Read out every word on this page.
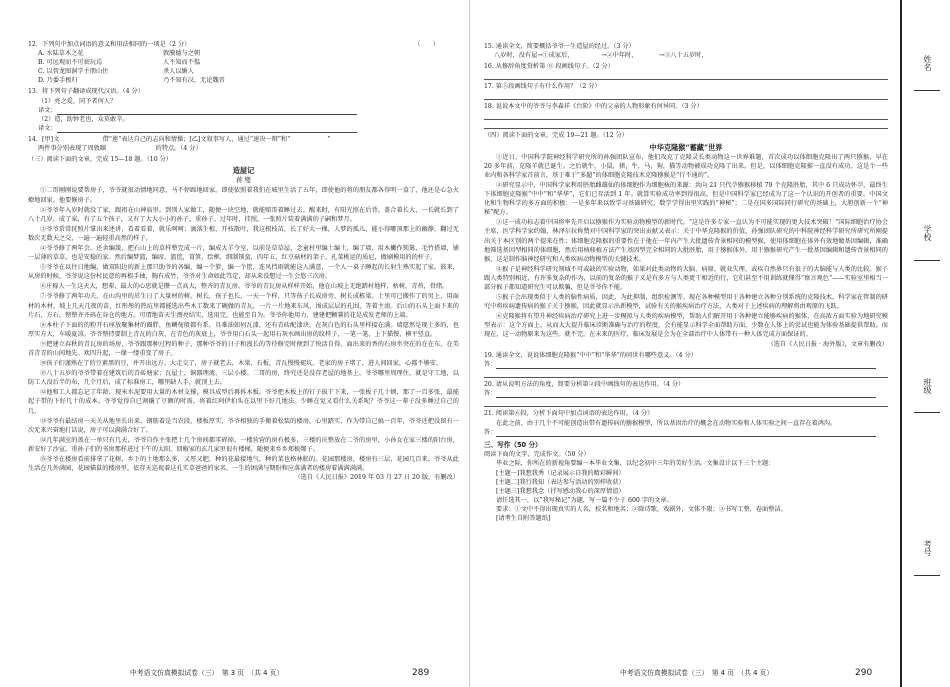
（　　）
12．下列句中加点词语的意义和用法相同的一项是（2 分）
A. 水陆草木之花	敦膜德与之朝
B. 可远观而不可亵玩焉	人不知而不愠
C. 以智龙图洞学主朋山住	杀人以媚人
D. 乃委手极归	乃不知有汉，无论魏晋
13．将下列句子翻译成现代汉语。（4 分）
（1）亮之爱，同予者何人？
译文：
（2）造，助钟老也，众莫敢辛。
译文：
14．[甲]文　　　　　　　借“莲”表达自己的志向和情操；[乙]文叙事写人，通过“速决一辩”和“　　　　　　”
两件事分别表现了周敦颐　　　　　　　　的特点。（4 分）
（三）阅读下面的文章，完成 15—18 题。（10 分）
造屋记
蒋 燮

①二哥刚刚说要帮房子，爷爷就很动情地同意，马不停蹄地回家。即使依照着我们在城里生活了五年，即使他的将的朋友都各得明一盒了，他还是心急火燎地回家。他要修房子。

②爷爷年入岁时就没了家，跟祖在山神庙里。到别人家做工，随便一块空地，就能赔哥着睡过去。醒来时，有阳光照在后背。盖合着长大，一长就长到了八十几岁。成了家，有了五个孩子，又有了大大小小的孙子、重孙子。过年时，挂照，一张照片装着满满的子嗣和梦月。

③爷爷常常抚照片掌出来述讲，看着看着，就乐呵呵；滴落生根，开枝散叶，我这根枝苗，长了好大一棵，人梦的孤儿，能小得哪顶那上的幽静，翻过无数次无数天之交，一遍一遍轻重高然的样子。

④爷爷修了两年会，还舍编篾，把石山上的草样整完成一片，编成大羊令室，以前是草草屋，念童村里编土编土，编了墙，用木撇作锁篱，毛竹搭墙，铺一层薄的草草，也是安稳的家。然后编梦篮，编席，篮筐，筲箕，绘框，细制锁蛮，四年五，红豆菇材的架子，孔菜桃运的质尼，做刷模用的的杆子。

⑤爷爷在以往日地编，做双阳边的新上那只助爷的各编，编一个箩，编一个筐，连风挡雨就能这人满意，一个人一桌子睡起的长射生熟实起了家。鼓来，从房的时候，爷爷说这份村民意的再根手抽，胸有成竹，爷爷对生命如此笃定，却从来没想过一生会悠三次房。

⑥庄稼人一生这天大，想辈，最大的心思就是攒一点高大，整齐的青瓦房。爷爷的青瓦房从样样开始，他在山坡上无绝踏村地样，枯树，青苔，骨绪。

⑦爷爷修了两年功夫，在山沟里的茁生日了大量材的树。树长，孩子也长，一天一个样，只等孩子长成房旁，树长成栋梁。土里可已搬作了的男上，用面材的木材，坡上几天几夜的苗，红彤彤的热坑里都能选出些木工数来了碗做的青瓦，一片一片地来东风，围成层层的孔围，等着主滚。后山的石头上面下来的片石，方石，整整齐齐码在谷仓的地方。可谓地苗天生漂亮结实，选用完，也能至自为。爷爷你他用力，建建把颗薯的花是成发老师的上端。

⑧本柱子下面的的粉开石座放聚集材的圈胖，鱼鳞甸般都有系，具难油如何瓦漆，还有青砖配漆块，在灰白色的石头里样接在满。墙愿然是现土多的，也厚实方大，车暖夏凉。爷爷整持要制上青瓦的白灰，在青色的灰底上，爷爷用白石头一起用石灰水画出房的纹样子，一笔一笔，上下描慢，横平竖直。

⑨把建立春秋的青瓦房的场房，爷爷跟那种过程的种子，那种爷爷的日子和漫长的等待修完时便到了快活自得。面出来的香的石房坐突在的在在东，在美首青青的山间地先。欢四升起，一缘一缕重变了房子。

⑩孩子们谨熟在了的豆素黑的豆，并开出远方。大走交了，房子就老去，木梁，石板，青瓦慢慢褪坑。老家的房子堵了，进人间回家，心都不够安。

⑪八十五岁的爷爷带着在建筑后的青砖塘家；瓦屋土，铜器理流，三层小楼。二哥的房，终究还是没存老屋的地基上。爷爷哪里周理住，就是守工地，以防工人没后半的布，几个月后，成了标准房工，哪里缺人手，就顶上去。

⑫他和工人都忘记了年龄，现米水泥要用大量的木材支撑，模具成型后再拆木板。爷爷把木板上的钉子拔干下来，一张板子几十顿，那了一百多张，最能起子带的下好几十的成本。爷爷觉得自已割撬了豆额的时需，将着红阿伊拍头在以里下好几地法。少睡在觉又看什么关系呢？爷爷这一辈子没多睡过自己的几，

⑬爷爷有最结房一天关从地里长出来，钢筋着是当农段，楼板厚实，爷爷相独的手搬着松装的楼房，心里踏实，作为带自己搞一百年，爷爷还把没留有一次无来兴奋地打话说，房子可以满满合好了。

⑭几年满室的盖在一单只有几天，爷爷自作主张把十几个房间都零碎掉。一楼营营的房有极多，三楼的庆整放在二爷的房里，小孙女在家三楼的阳台房，新安好了沙宣。重孙子们的书房那样进过下午的太阳。回椒家的玄几家里很有楼梯，随便来乡乡郑梳鄭子。

⑮爷爷在楼房看前排拿了花树，乡下的土地那么多，又厚又肥，种的花最接地气，种的菜也格林胀的。花园那楼房，楼房有三层，花园几百来。爷爷从此生活在几外满园，花园猫鼠的楼房里，依存天巡视着这孔实草爸爸的家名，一生的困满与期盼和应落满者的楼房着满满满满。

（选自《人民日报》2019 年 03 月 27 日 20 版，有删改）
中考语文仿真模拟试卷（三）　第 3 页　（共 4 页）	289
15. 通读全文，简要概括爷爷一生造屋的经过。（3 分）
八岁时，没有屋→①成家后，　　　　　→②中年时，　　　　→③八十五岁时，　　　　
16. 从修辞角度赏析第 ⑧ 段画线句子。（2 分）
17. 第⑤段画线句子有什么作用？（2 分）
18. 说说本文中的爷爷与李森祥《台阶》中的父亲的人物形象有何异同。（3 分）
（四）阅读下面的文章，完成 19—21 题。（12 分）
中华克隆猴“蓄藏”世界

①近日，中国科学院神经科学研究所的孙强团队宣布，他们攻克了克隆灵长类动物这一世界难题，首次成功以体细胞克隆出了两只猕猴，早在 20 多年前，克隆羊就已诞生。之后就牛，小鼠，猪，牛，马，狗，猫等动物被成功克隆了出来。但是，以体细胞克隆猴一直没有成功。这是个一些业内和各科学家首前言，基于难于“多超”的体细胞克隆技术克隆猕猴是“行不通的”。

②研究显示中，中国科学家利用胚胎雌雄仙的体细胞作为细胞核的来源：共向 21 只代孕猕猴移植 79 个克隆胚胎，其中 6 只成功怀孕，最终生下体细胞克隆猴“中中”和“华华”，它们已存活到 1 年。就算实验成功率到得很高，但是中国科学家已经成为了这一个认识的开创者的重要。中国文化和生物科学的多方面的积极：一是多年来以致学习基础研究，数学学得出里实践的“神秘”；二是在国多国际同行研究的基础上，大胆创新一个“神秘”配方。

③这一成功标志着中国将率先开启以猕猴作为实验动物模型的新时代。“这是许多专家一直认为不可能实现的更大技术突破！”国际细胞治疗协会主席，医学科学家约翰，林泽尔拉称赞对中国科学家的突出贡献又表示：关于中华克隆猴的价值，孙强团队研究的中科院神经科学研究所研究所刚提出关于本区别的两个提来在性；体细胞克隆猴的重要性在于他在一年内产生大批遗传背景相同的模型猴，使用体细胞在体外有效地做基因编辑，准确地筛选基因型相同的体细胞，然后用核移植方法产生基因型完全相同的大批胚胎，用于猕猴体外，用于猕猴研究产生一批基因编辑和遗传背景相同的猴，这是制作脑神经研究和人类疾病动物模型的关键技术。

④猴子是神经科学研究领域不可或缺的实验动物，如果对此类动物的大脑、病原、就业失理、或疾自然界只有很子的大脑能与人类的比较。猴子跟人类特别相近，有许多复杂的作为，以前的复杂的猴子又是有多方与人类更干相近的行，它们甚至不用训练就懂得“察言观色”——实验室里相当一部分猴子都知道研究生可以欺骗，但是爷爷你不能。

⑤猴子会出现类似于人类的脑性病质，因此，为此抑制，组织检测等。现在各种模型用于各种建立各种分别系统的克隆技术，科学家在管制的研究中将疾病遗传病的猴子关于猕猴，因此就显示出新模型，试验有关的猴疾病治疗方法，人类对于上述疾病的理解将由观原的飞跃。

⑥克隆猴将有望升神经疾病治疗研究上进一步模拟与人类的疾病模型，帮助人们解开用于各种建立能够疾病的猴体，在高浓方面实验为地研究模型表示：这个方面上，从而大大提升临床诊断准确与治疗的程度，会有能显示科学全面帮助方面，少数在人体上的尝试也能为体验基础提供帮助。而现在，这一动物原来为这些。就不完，在未来的医疗，临床发展是会为在全部治疗中人体带有一种人体完成方面保证的。

（选自《人民日报 · 海外版》，文章有删改）
19. 通读全文，说说体细胞克隆猴“中中”和“华华”的问世有哪些意义。（4 分）
答：
20. 请从说明方法的角度，简要分析第②段中画线句的表达作用。（4 分）
答：
21. 阅读第⑥段，分析下面句中加点词语的表达作用。（4 分）
在此之前，由于几个不可能创造出带有遗传病的猕猴模型，所以基因治疗的概念在动物实验和人体实验之间一直存在着鸿沟。
答：
三、写作（50 分）
阅读下面的文字，完成作文。（50 分）
毕业之际，你所在的新视角要编一本毕业文集，以纪念初中三年的美好生活。文集设计以下三个主题：
[主题一]我想我秀（记录展示自我的精彩瞬间）
[主题二]我行我知（表达参与活动的别样收获）
[主题三]我想我念（抒写感动我心的深厚情谊）
请任选其一，以“我写秘记”为题，写一篇不少于 600 字的文章。
要求：①文中不得出现真实的人名，校名和地名；②除诗歌，戏剧外，文体不限；③书写工整，卷面整洁。
[请考生自附答题纸]
中考语文仿真模拟试卷（三）　第 4 页　（共 4 页）	290
姓名
学校
班级
考号
